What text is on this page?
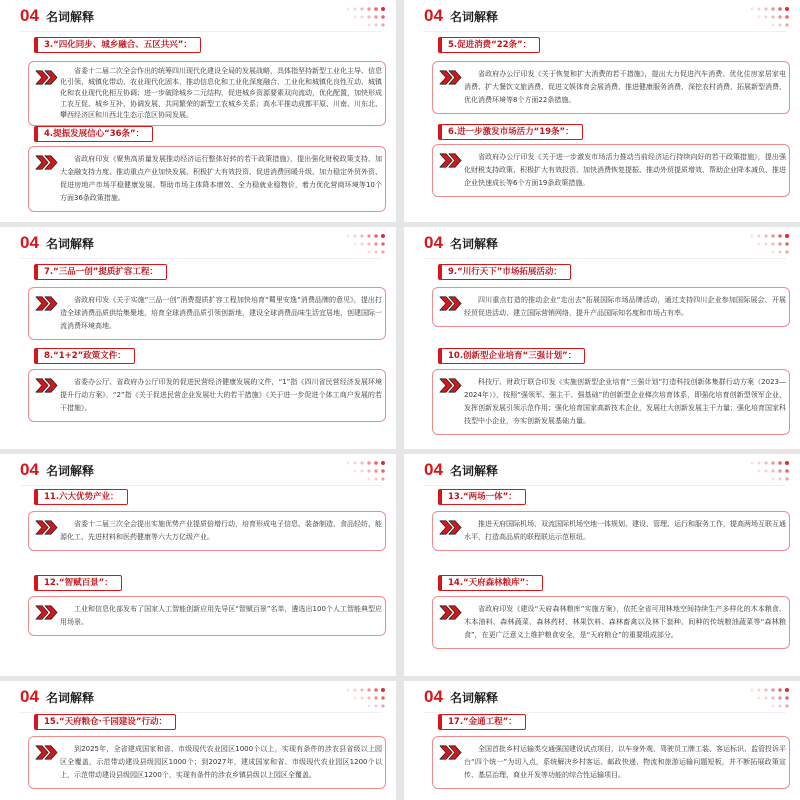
04 名词解释
3.“四化同步、城乡融合、五区共兴”：
省委十二届二次全会作出的统筹四川现代化建设全局的发展战略，具体指坚持新型工业化主导、信息化引领、城镇化带动、农业现代化固本，推动信息化和工业化深度融合、工业化和城镇化良性互动、城镇化和农业现代化相互协调；进一步破除城乡二元结构，促进城乡资源要素双向流动，优化配置，加快形成工农互促、城乡互补、协调发展、共同繁荣的新型工农城乡关系；高水平推动成都平原、川南、川东北、攀西经济区和川西北生态示范区协同发展。
4.提振发展信心“36条”：
省政府印发《聚焦高质量发展推动经济运行整体好转的若干政策措施》，提出强化财税政策支持、加大金融支持力度、推动重点产业加快发展、积极扩大有效投资、促进消费回暖升级、加力稳定外贸外资、促进房地产市场平稳健康发展、帮助市场主体降本增效、全力稳就业稳物价，着力优化营商环境等10个方面36条政策措施。
04 名词解释
5.促进消费“22条”：
省政府办公厅印发《关于恢复和扩大消费的若干措施》，提出大力促进汽车消费、优化住房家居家电消费、扩大餐饮文旅消费、促进文娱体育会展消费、推进健康服务消费、深挖农村消费、拓展新型消费、优化消费环境等8个方面22条措施。
6.进一步激发市场活力“19条”：
省政府办公厅印发《关于进一步激发市场活力推动当前经济运行持续向好的若干政策措施》，提出强化财税支持政策、积极扩大有效投资、加快消费恢复提振、推动外贸提质增效、帮助企业降本减负、推进企业快速成长等6个方面19条政策措施。
04 名词解释
7.“三品一创”提质扩容工程：
省政府印发《关于实施“三品一创”消费提质扩容工程加快培育“蜀里安逸”消费品牌的意见》，提出打造全球消费品质供给集聚地，培育全球消费品质引领创新地，建设全球消费品味生活宜居地，创建国际一流消费环境高地。
8.“1+2”政策文件：
省委办公厅、省政府办公厅印发的促进民营经济健康发展的文件，“1”指《四川省民营经济发展环境提升行动方案》，“2”指《关于促进民营企业发展壮大的若干措施》《关于进一步促进个体工商户发展的若干措施》。
04 名词解释
9.“川行天下”市场拓展活动：
四川重点打造的推动企业“走出去”拓展国际市场品牌活动，通过支持四川企业参加国际展会、开展经贸促进活动、建立国际营销网络，提升产品国际知名度和市场占有率。
10.创新型企业培育“三强计划”：
科技厅、财政厅联合印发《实施创新型企业培育“三强计划”打造科技创新体集群行动方案（2023—2024年）》，按照“强领军、强主干、强基础”的创新型企业梯次培育体系，即强化培育创新型领军企业，发挥创新发展引领示范作用；强化培育国家高新技术企业，发展壮大创新发展主干力量；强化培育国家科技型中小企业，夯实创新发展基础力量。
04 名词解释
11.六大优势产业：
省委十二届三次全会提出实施优势产业提质倍增行动，培育形成电子信息、装备制造、食品轻纺、能源化工、先进材料和医药健康等六大万亿级产业。
12.“智赋百景”：
工业和信息化部发布了国家人工智能创新应用先导区“智赋百景”名单，遴选出100个人工智能典型应用场景。
04 名词解释
13.“两场一体”：
推进天府国际机场、双流国际机场空地一体规划、建设、管理、运行和服务工作，提高两场互联互通水平，打造高品质的联程联运示范枢纽。
14.“天府森林粮库”：
省政府印发《建设“天府森林粮库”实施方案》，依托全省可用林地空间持续生产多样化的木本粮食、木本油料、森林蔬菜、森林药材、林果饮料、森林畜禽以及林下套种、间种的传统粮油蔬菜等“森林粮食”，在更广泛意义上维护粮食安全，是“天府粮仓”的重要组成部分。
04 名词解释
15.“天府粮仓·千园建设”行动：
到2025年，全省建成国家和省、市级现代农业园区1000个以上，实现有条件的涉农县省级以上园区全覆盖，示范带动建设县级园区1000个；到2027年，建成国家和省、市级现代农业园区1200个以上，示范带动建设县级园区1200个，实现有条件的涉农乡镇县级以上园区全覆盖。
04 名词解释
17.“金通工程”：
全国首批乡村运输类交通强国建设试点项目，以车身外观、驾驶员工牌工装、客运标识、监管投诉平台“四个统一”为切入点，系统解决乡村客运、邮政快递、物流和旅游运输问题短板，并不断拓展政策宣传、基层治理、商业开发等功能的综合性运输项目。
